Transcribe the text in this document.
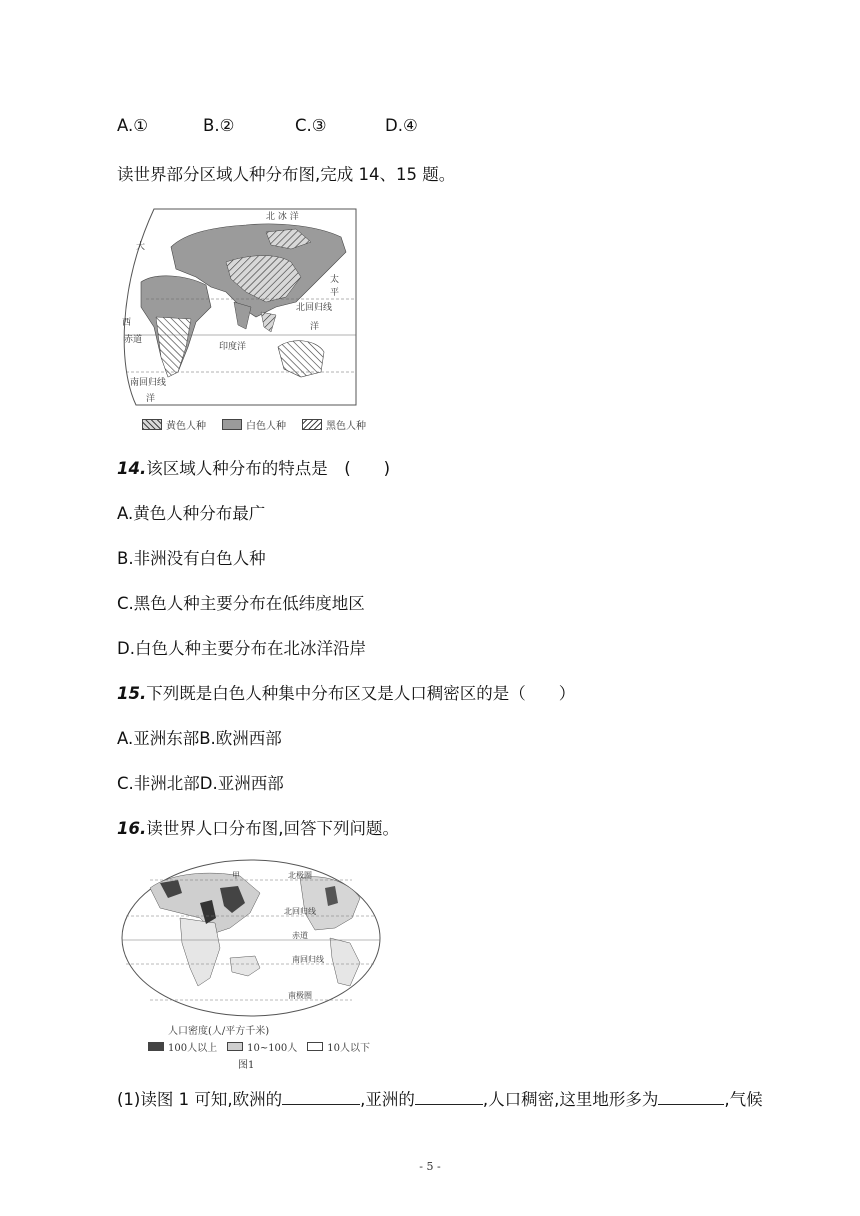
A.①	B.②	C.③	D.④
读世界部分区域人种分布图,完成 14、15 题。
北 冰 洋
大
西
太
平
洋
北回归线
赤道
印度洋
南回归线
洋
黄色人种	白色人种	黑色人种
14.该区域人种分布的特点是　(　　)
A.黄色人种分布最广
B.非洲没有白色人种
C.黑色人种主要分布在低纬度地区
D.白色人种主要分布在北冰洋沿岸
15.下列既是白色人种集中分布区又是人口稠密区的是（　　）
A.亚洲东部B.欧洲西部
C.非洲北部D.亚洲西部
16.读世界人口分布图,回答下列问题。
甲	北极圈
北回归线
赤道
南回归线
南极圈
人口密度(人/平方千米)
100人以上	10~100人	10人以下
图1
(1)读图 1 可知,欧洲的	,亚洲的	,人口稠密,这里地形多为	,气候
- 5 -
